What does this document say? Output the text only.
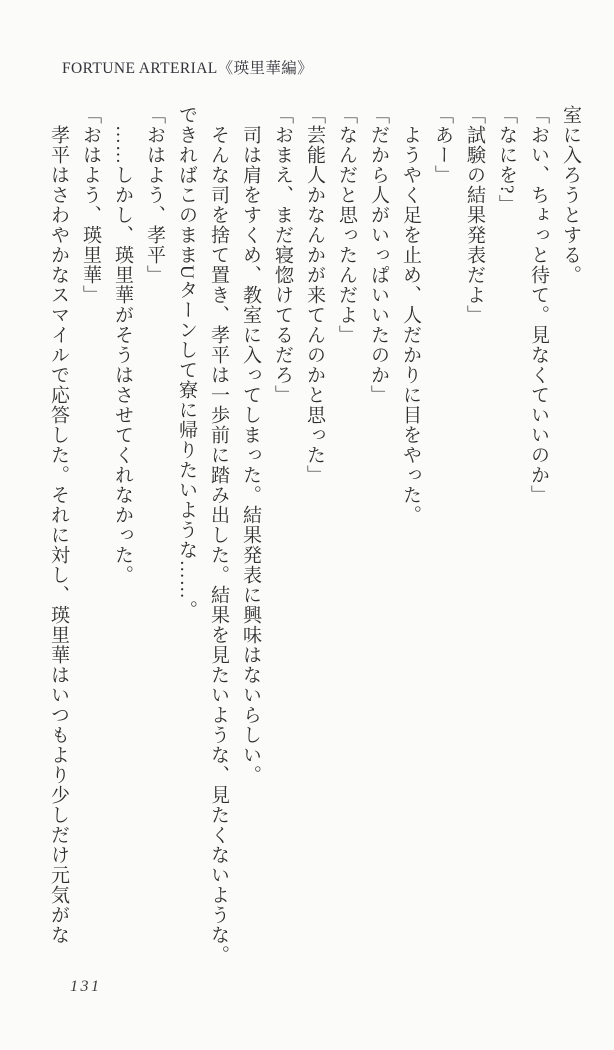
FORTUNE ARTERIAL《瑛里華編》

室に入ろうとする。

「おい、ちょっと待て。見なくていいのか」

「なにを?」

「試験の結果発表だよ」

「あー」

　ようやく足を止め、人だかりに目をやった。

「だから人がいっぱいいたのか」

「なんだと思ったんだよ」

「芸能人かなんかが来てんのかと思った」

「おまえ、まだ寝惚けてるだろ」

　司は肩をすくめ、教室に入ってしまった。結果発表に興味はないらしい。

　そんな司を捨て置き、孝平は一歩前に踏み出した。結果を見たいような、見たくないような。

できればこのままUターンして寮に帰りたいような……。

「おはよう、孝平」

　……しかし、瑛里華がそうはさせてくれなかった。

「おはよう、瑛里華」

　孝平はさわやかなスマイルで応答した。それに対し、瑛里華はいつもより少しだけ元気がな

131
